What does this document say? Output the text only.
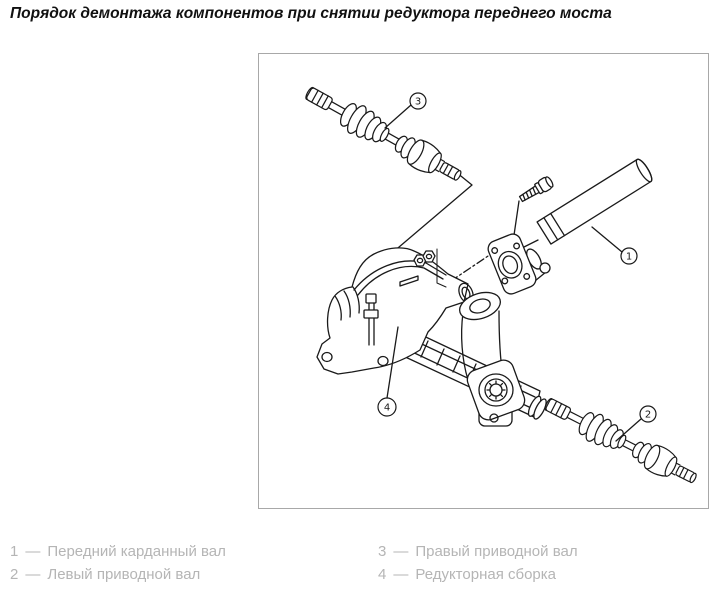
Порядок демонтажа компонентов при снятии редуктора переднего моста
3
1
4
2
1 — Передний карданный вал
2 — Левый приводной вал
3 — Правый приводной вал
4 — Редукторная сборка
